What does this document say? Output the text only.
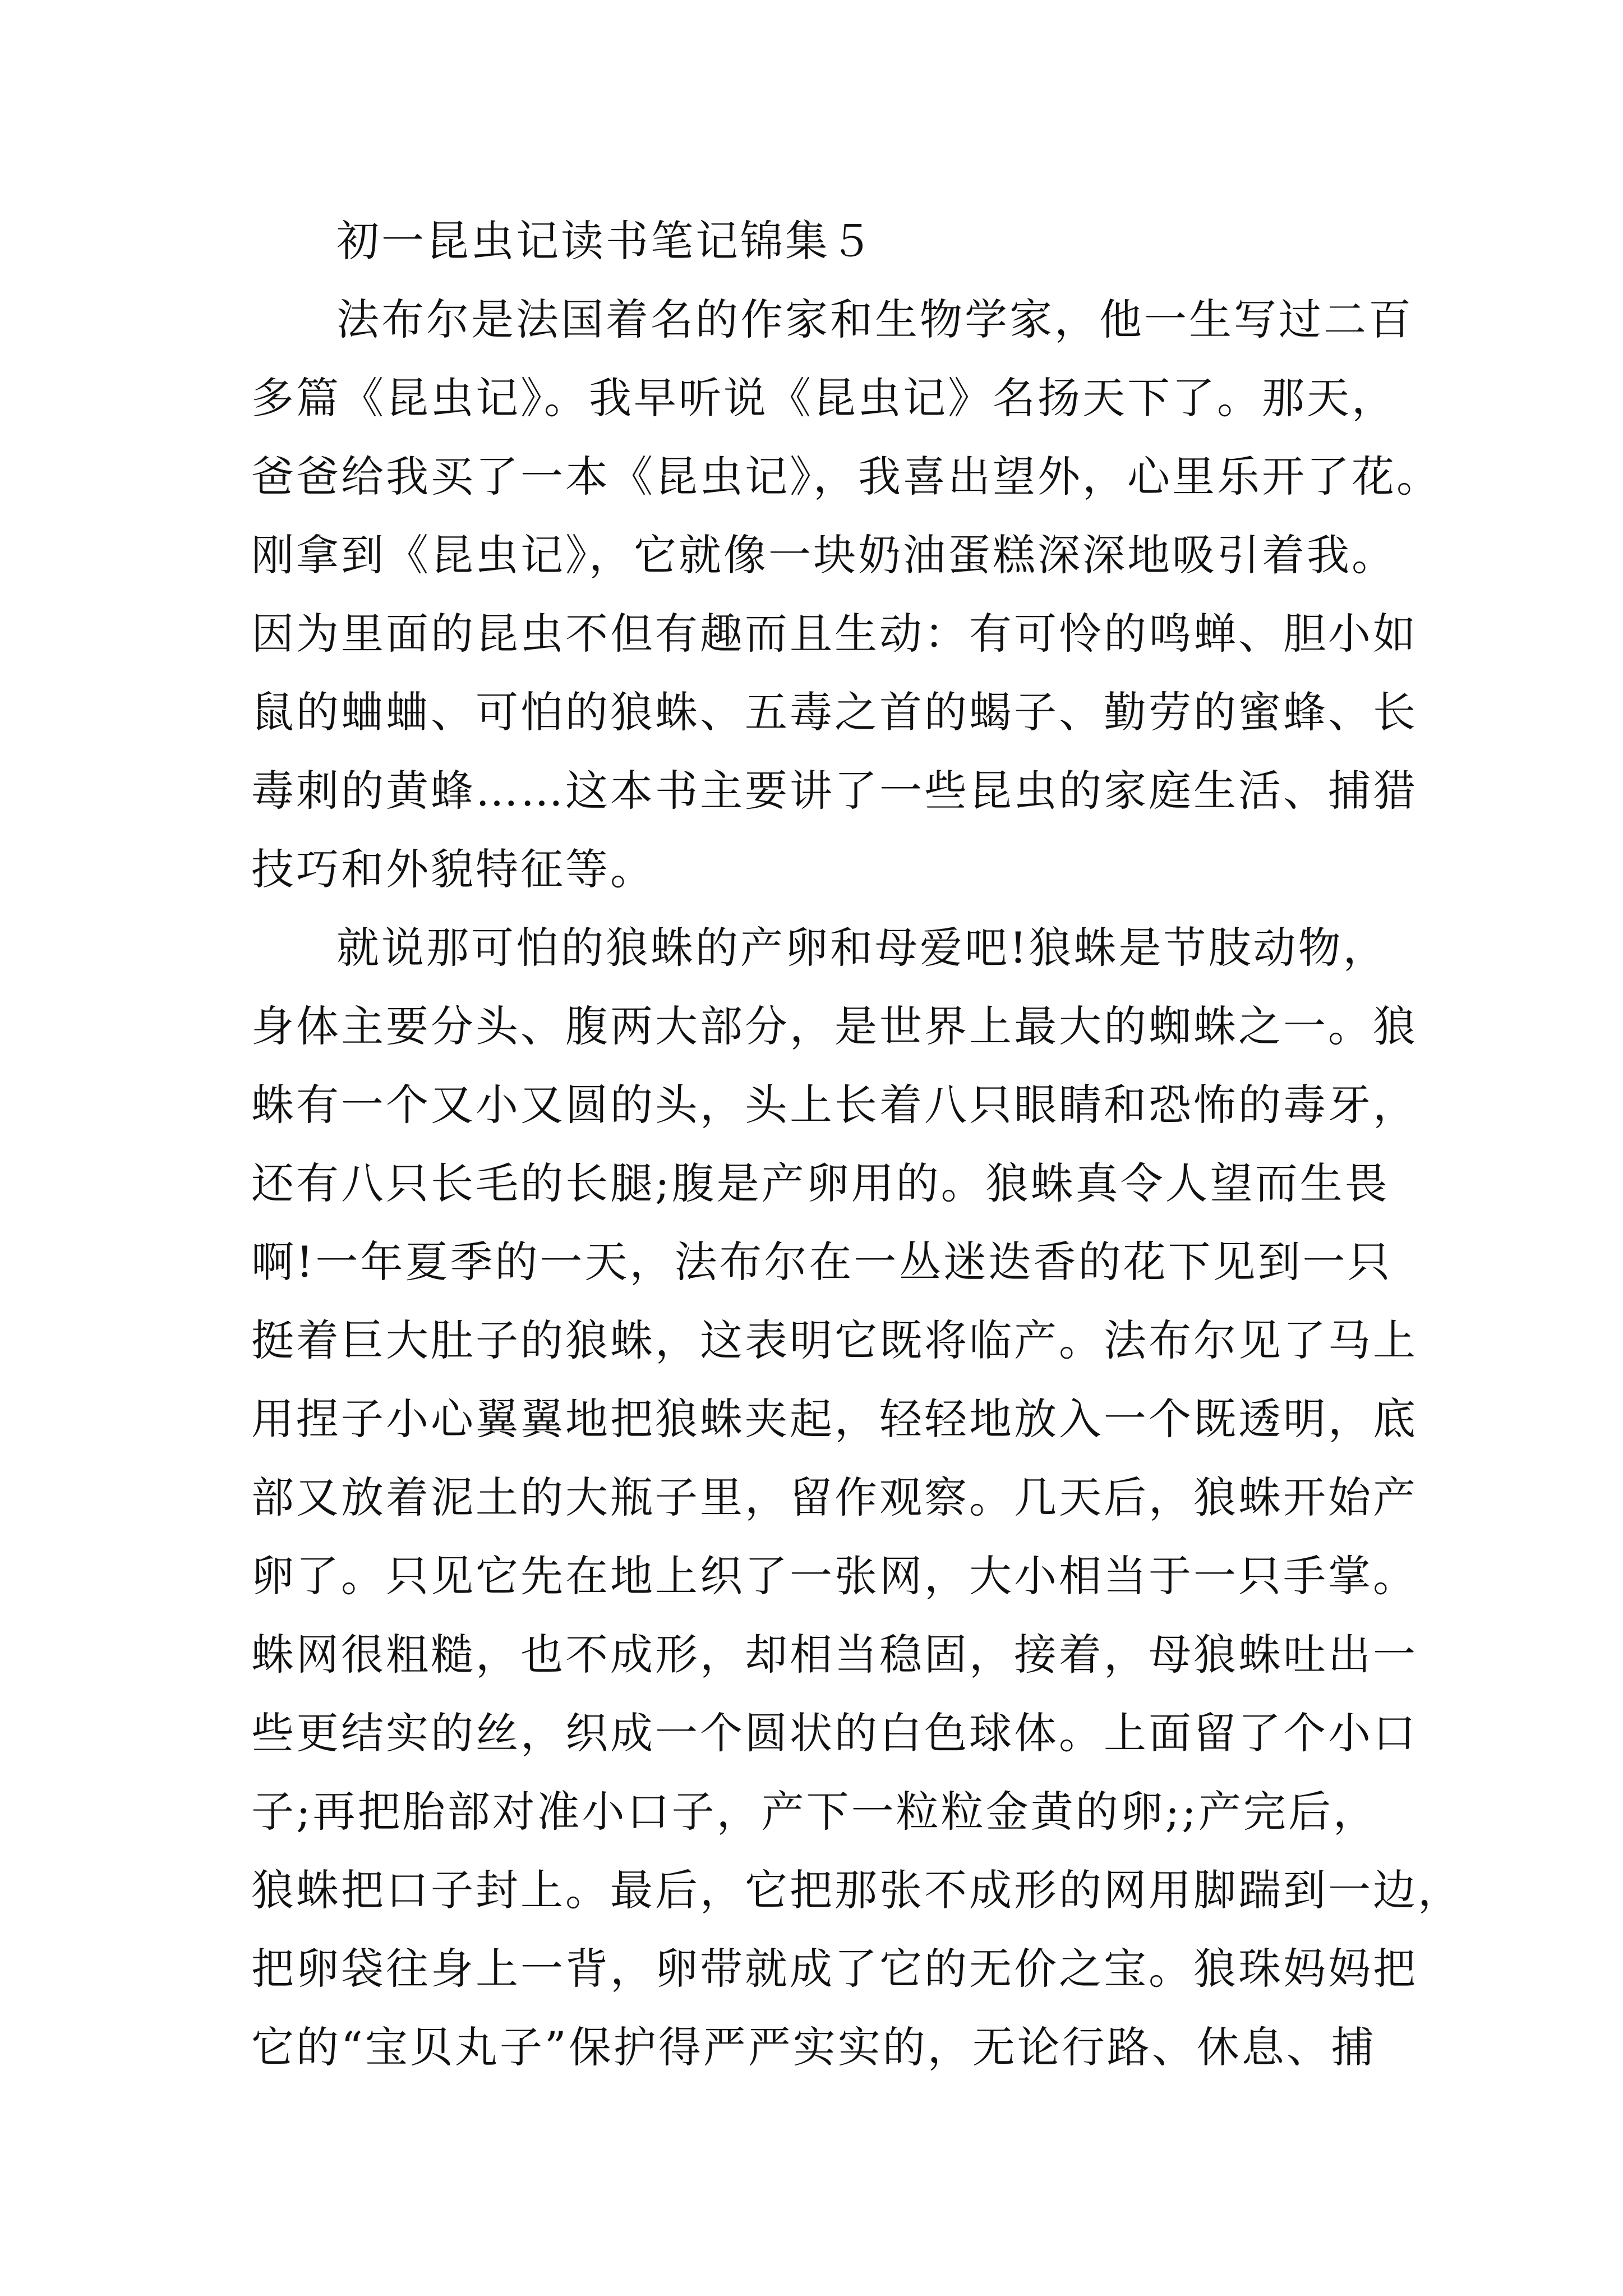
初一昆虫记读书笔记锦集５
法布尔是法国着名的作家和生物学家，他一生写过二百
多篇《昆虫记》。我早听说《昆虫记》名扬天下了。那天，
爸爸给我买了一本《昆虫记》，我喜出望外，心里乐开了花。
刚拿到《昆虫记》，它就像一块奶油蛋糕深深地吸引着我。
因为里面的昆虫不但有趣而且生动：有可怜的鸣蝉、胆小如
鼠的蛐蛐、可怕的狼蛛、五毒之首的蝎子、勤劳的蜜蜂、长
毒刺的黄蜂……这本书主要讲了一些昆虫的家庭生活、捕猎
技巧和外貌特征等。
就说那可怕的狼蛛的产卵和母爱吧!狼蛛是节肢动物，
身体主要分头、腹两大部分，是世界上最大的蜘蛛之一。狼
蛛有一个又小又圆的头，头上长着八只眼睛和恐怖的毒牙，
还有八只长毛的长腿;腹是产卵用的。狼蛛真令人望而生畏
啊!一年夏季的一天，法布尔在一丛迷迭香的花下见到一只
挺着巨大肚子的狼蛛，这表明它既将临产。法布尔见了马上
用捏子小心翼翼地把狼蛛夹起，轻轻地放入一个既透明，底
部又放着泥土的大瓶子里，留作观察。几天后，狼蛛开始产
卵了。只见它先在地上织了一张网，大小相当于一只手掌。
蛛网很粗糙，也不成形，却相当稳固，接着，母狼蛛吐出一
些更结实的丝，织成一个圆状的白色球体。上面留了个小口
子;再把胎部对准小口子，产下一粒粒金黄的卵;;产完后，
狼蛛把口子封上。最后，它把那张不成形的网用脚踹到一边，
把卵袋往身上一背，卵带就成了它的无价之宝。狼珠妈妈把
它的“宝贝丸子”保护得严严实实的，无论行路、休息、捕
